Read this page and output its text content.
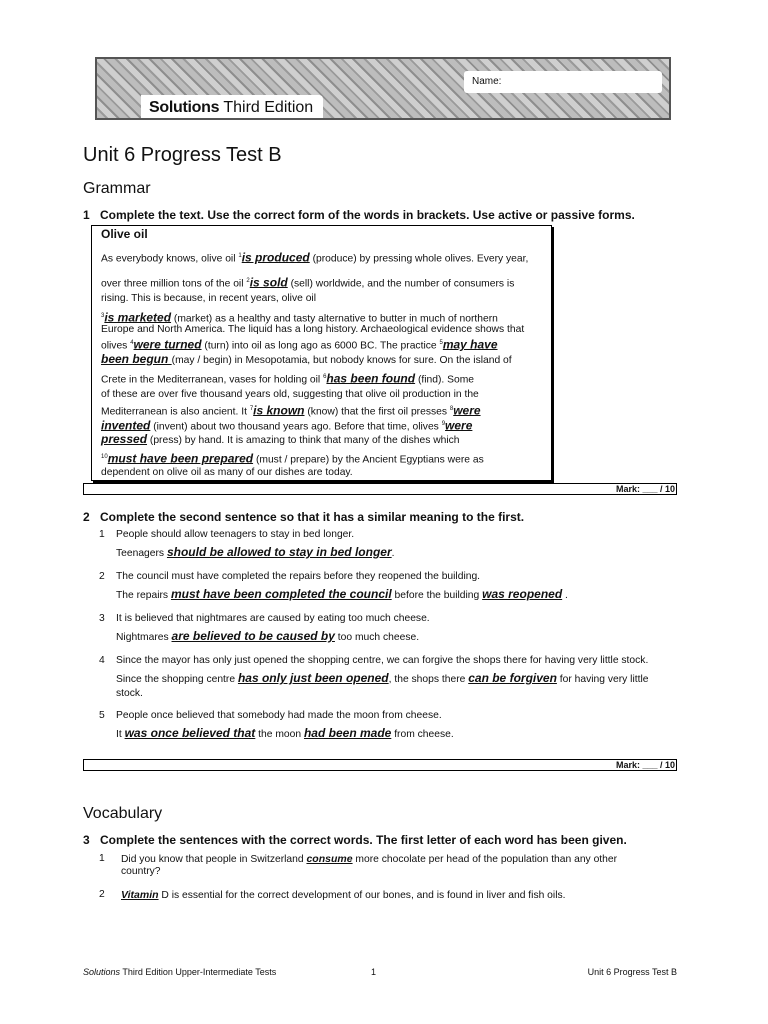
Solutions Third Edition
Name:
Unit 6 Progress Test B
Grammar
1 Complete the text. Use the correct form of the words in brackets. Use active or passive forms.
Olive oil
As everybody knows, olive oil $^1$is produced (produce) by pressing whole olives. Every year,
over three million tons of the oil $^2$is sold (sell) worldwide, and the number of consumers is
rising. This is because, in recent years, olive oil
$^3$is marketed (market) as a healthy and tasty alternative to butter in much of northern
Europe and North America. The liquid has a long history. Archaeological evidence shows that
olives $^4$were turned (turn) into oil as long ago as 6000 BC. The practice $^5$may have
been begun (may / begin) in Mesopotamia, but nobody knows for sure. On the island of
Crete in the Mediterranean, vases for holding oil $^6$has been found (find). Some
of these are over five thousand years old, suggesting that olive oil production in the
Mediterranean is also ancient. It $^7$is known (know) that the first oil presses $^8$were
invented (invent) about two thousand years ago. Before that time, olives $^9$were
pressed (press) by hand. It is amazing to think that many of the dishes which
$^{10}$must have been prepared (must / prepare) by the Ancient Egyptians were as
dependent on olive oil as many of our dishes are today.
Mark: ___ / 10
2 Complete the second sentence so that it has a similar meaning to the first.
1 People should allow teenagers to stay in bed longer.
Teenagers should be allowed to stay in bed longer.
2 The council must have completed the repairs before they reopened the building.
The repairs must have been completed the council before the building was reopened .
3 It is believed that nightmares are caused by eating too much cheese.
Nightmares are believed to be caused by too much cheese.
4 Since the mayor has only just opened the shopping centre, we can forgive the shops there for having very little stock.
Since the shopping centre has only just been opened, the shops there can be forgiven for having very little
stock.
5 People once believed that somebody had made the moon from cheese.
It was once believed that the moon had been made from cheese.
Mark: ___ / 10
Vocabulary
3 Complete the sentences with the correct words. The first letter of each word has been given.
1 Did you know that people in Switzerland consume more chocolate per head of the population than any other
country?
2 Vitamin D is essential for the correct development of our bones, and is found in liver and fish oils.
Solutions Third Edition Upper-Intermediate Tests	1	Unit 6 Progress Test B
